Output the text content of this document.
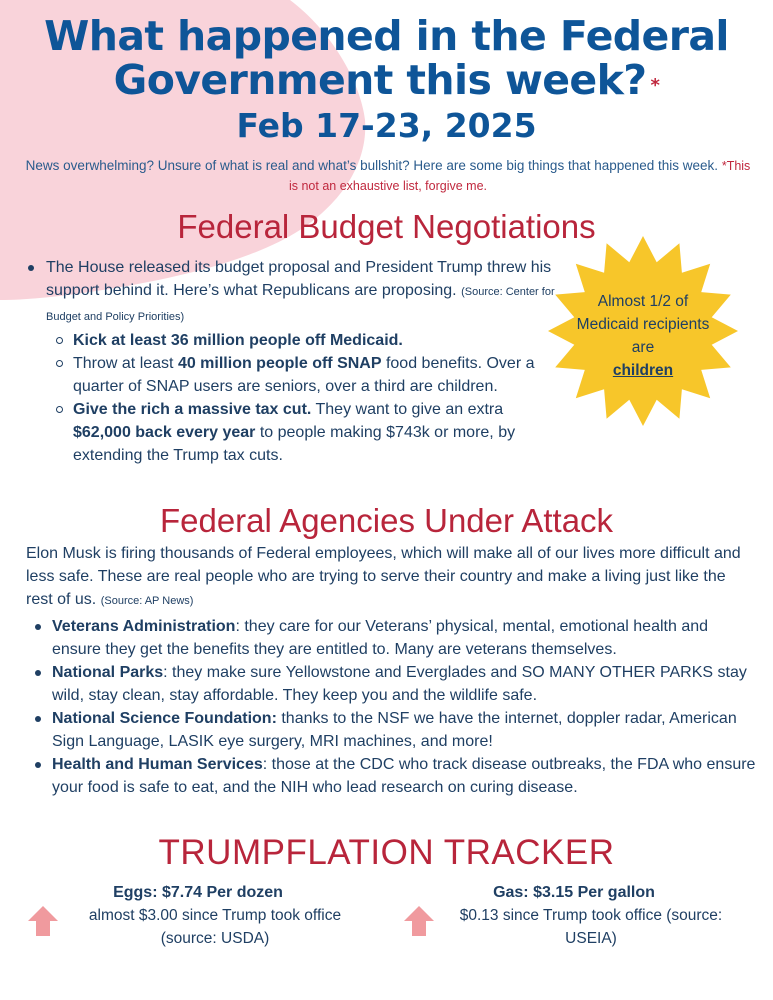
What happened in the Federal
Government this week? *
Feb 17-23, 2025
News overwhelming? Unsure of what is real and what’s bullshit? Here are some big things that happened this week. *This is not an exhaustive list, forgive me.
Federal Budget Negotiations
The House released its budget proposal and President Trump threw his support behind it. Here’s what Republicans are proposing. (Source: Center for Budget and Policy Priorities)
Kick at least 36 million people off Medicaid.
Throw at least 40 million people off SNAP food benefits. Over a quarter of SNAP users are seniors, over a third are children.
Give the rich a massive tax cut. They want to give an extra $62,000 back every year to people making $743k or more, by extending the Trump tax cuts.
Almost 1/2 of Medicaid recipients are
children
Federal Agencies Under Attack
Elon Musk is firing thousands of Federal employees, which will make all of our lives more difficult and less safe. These are real people who are trying to serve their country and make a living just like the rest of us. (Source: AP News)
Veterans Administration: they care for our Veterans’ physical, mental, emotional health and ensure they get the benefits they are entitled to. Many are veterans themselves.
National Parks: they make sure Yellowstone and Everglades and SO MANY OTHER PARKS stay wild, stay clean, stay affordable. They keep you and the wildlife safe.
National Science Foundation: thanks to the NSF we have the internet, doppler radar, American Sign Language, LASIK eye surgery, MRI machines, and more!
Health and Human Services: those at the CDC who track disease outbreaks, the FDA who ensure your food is safe to eat, and the NIH who lead research on curing disease.
TRUMPFLATION TRACKER
Eggs: $7.74 Per dozen
almost $3.00 since Trump took office (source: USDA)
Gas: $3.15 Per gallon
$0.13 since Trump took office (source: USEIA)
